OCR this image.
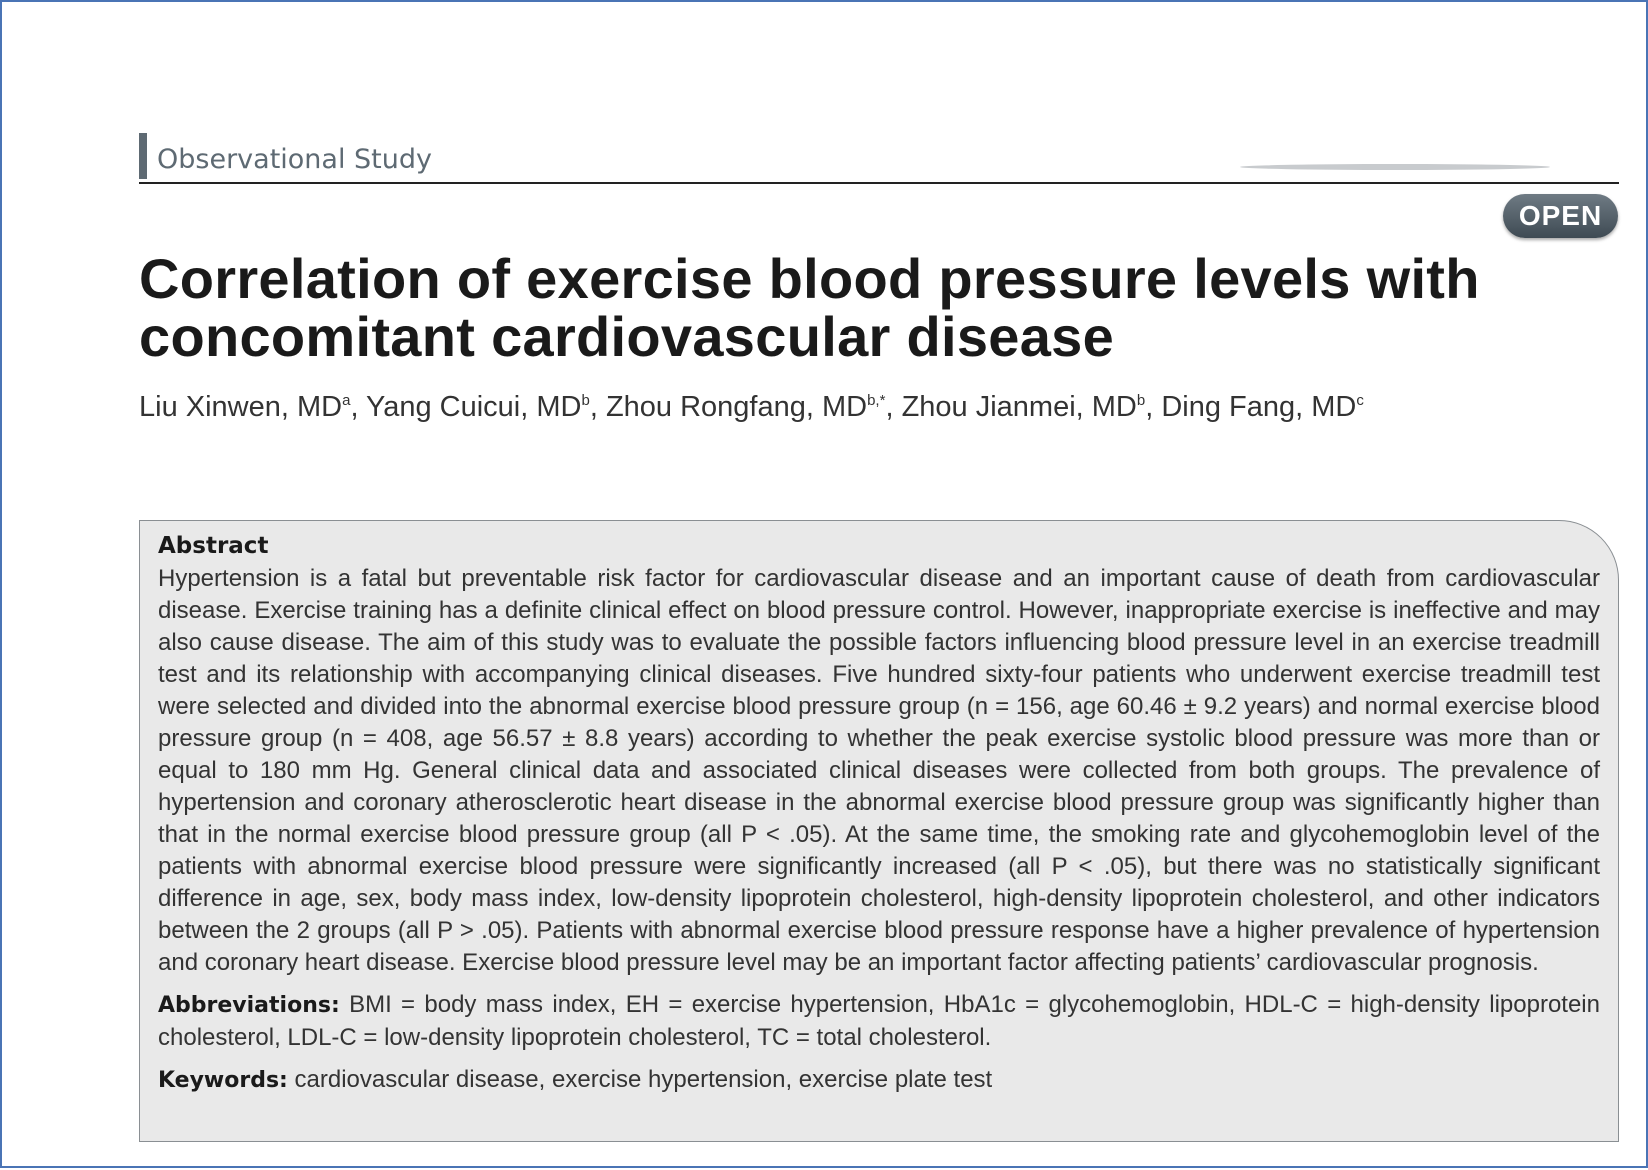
Observational Study
OPEN
Correlation of exercise blood pressure levels with
concomitant cardiovascular disease
Liu Xinwen, $MD^a$, Yang Cuicui, $MD^b$, Zhou Rongfang, $MD^{b,*}$, Zhou Jianmei, $MD^b$, Ding Fang, $MD^c$

Abstract

Hypertension is a fatal but preventable risk factor for cardiovascular disease and an important cause of death from cardiovascular disease. Exercise training has a definite clinical effect on blood pressure control. However, inappropriate exercise is ineffective and may also cause disease. The aim of this study was to evaluate the possible factors influencing blood pressure level in an exercise treadmill test and its relationship with accompanying clinical diseases. Five hundred sixty-four patients who underwent exercise treadmill test were selected and divided into the abnormal exercise blood pressure group (n = 156, age 60.46 ± 9.2 years) and normal exercise blood pressure group (n = 408, age 56.57 ± 8.8 years) according to whether the peak exercise systolic blood pressure was more than or equal to 180 mm Hg. General clinical data and associated clinical diseases were collected from both groups. The prevalence of hypertension and coronary atherosclerotic heart disease in the abnormal exercise blood pressure group was significantly higher than that in the normal exercise blood pressure group (all P < .05). At the same time, the smoking rate and glycohemoglobin level of the patients with abnormal exercise blood pressure were significantly increased (all P < .05), but there was no statistically significant difference in age, sex, body mass index, low-density lipoprotein cholesterol, high-density lipoprotein cholesterol, and other indicators between the 2 groups (all P > .05). Patients with abnormal exercise blood pressure response have a higher prevalence of hypertension and coronary heart disease. Exercise blood pressure level may be an important factor affecting patients’ cardiovascular prognosis.

Abbreviations: BMI = body mass index, EH = exercise hypertension, HbA1c = glycohemoglobin, HDL-C = high-density lipoprotein cholesterol, LDL-C = low-density lipoprotein cholesterol, TC = total cholesterol.

Keywords: cardiovascular disease, exercise hypertension, exercise plate test
